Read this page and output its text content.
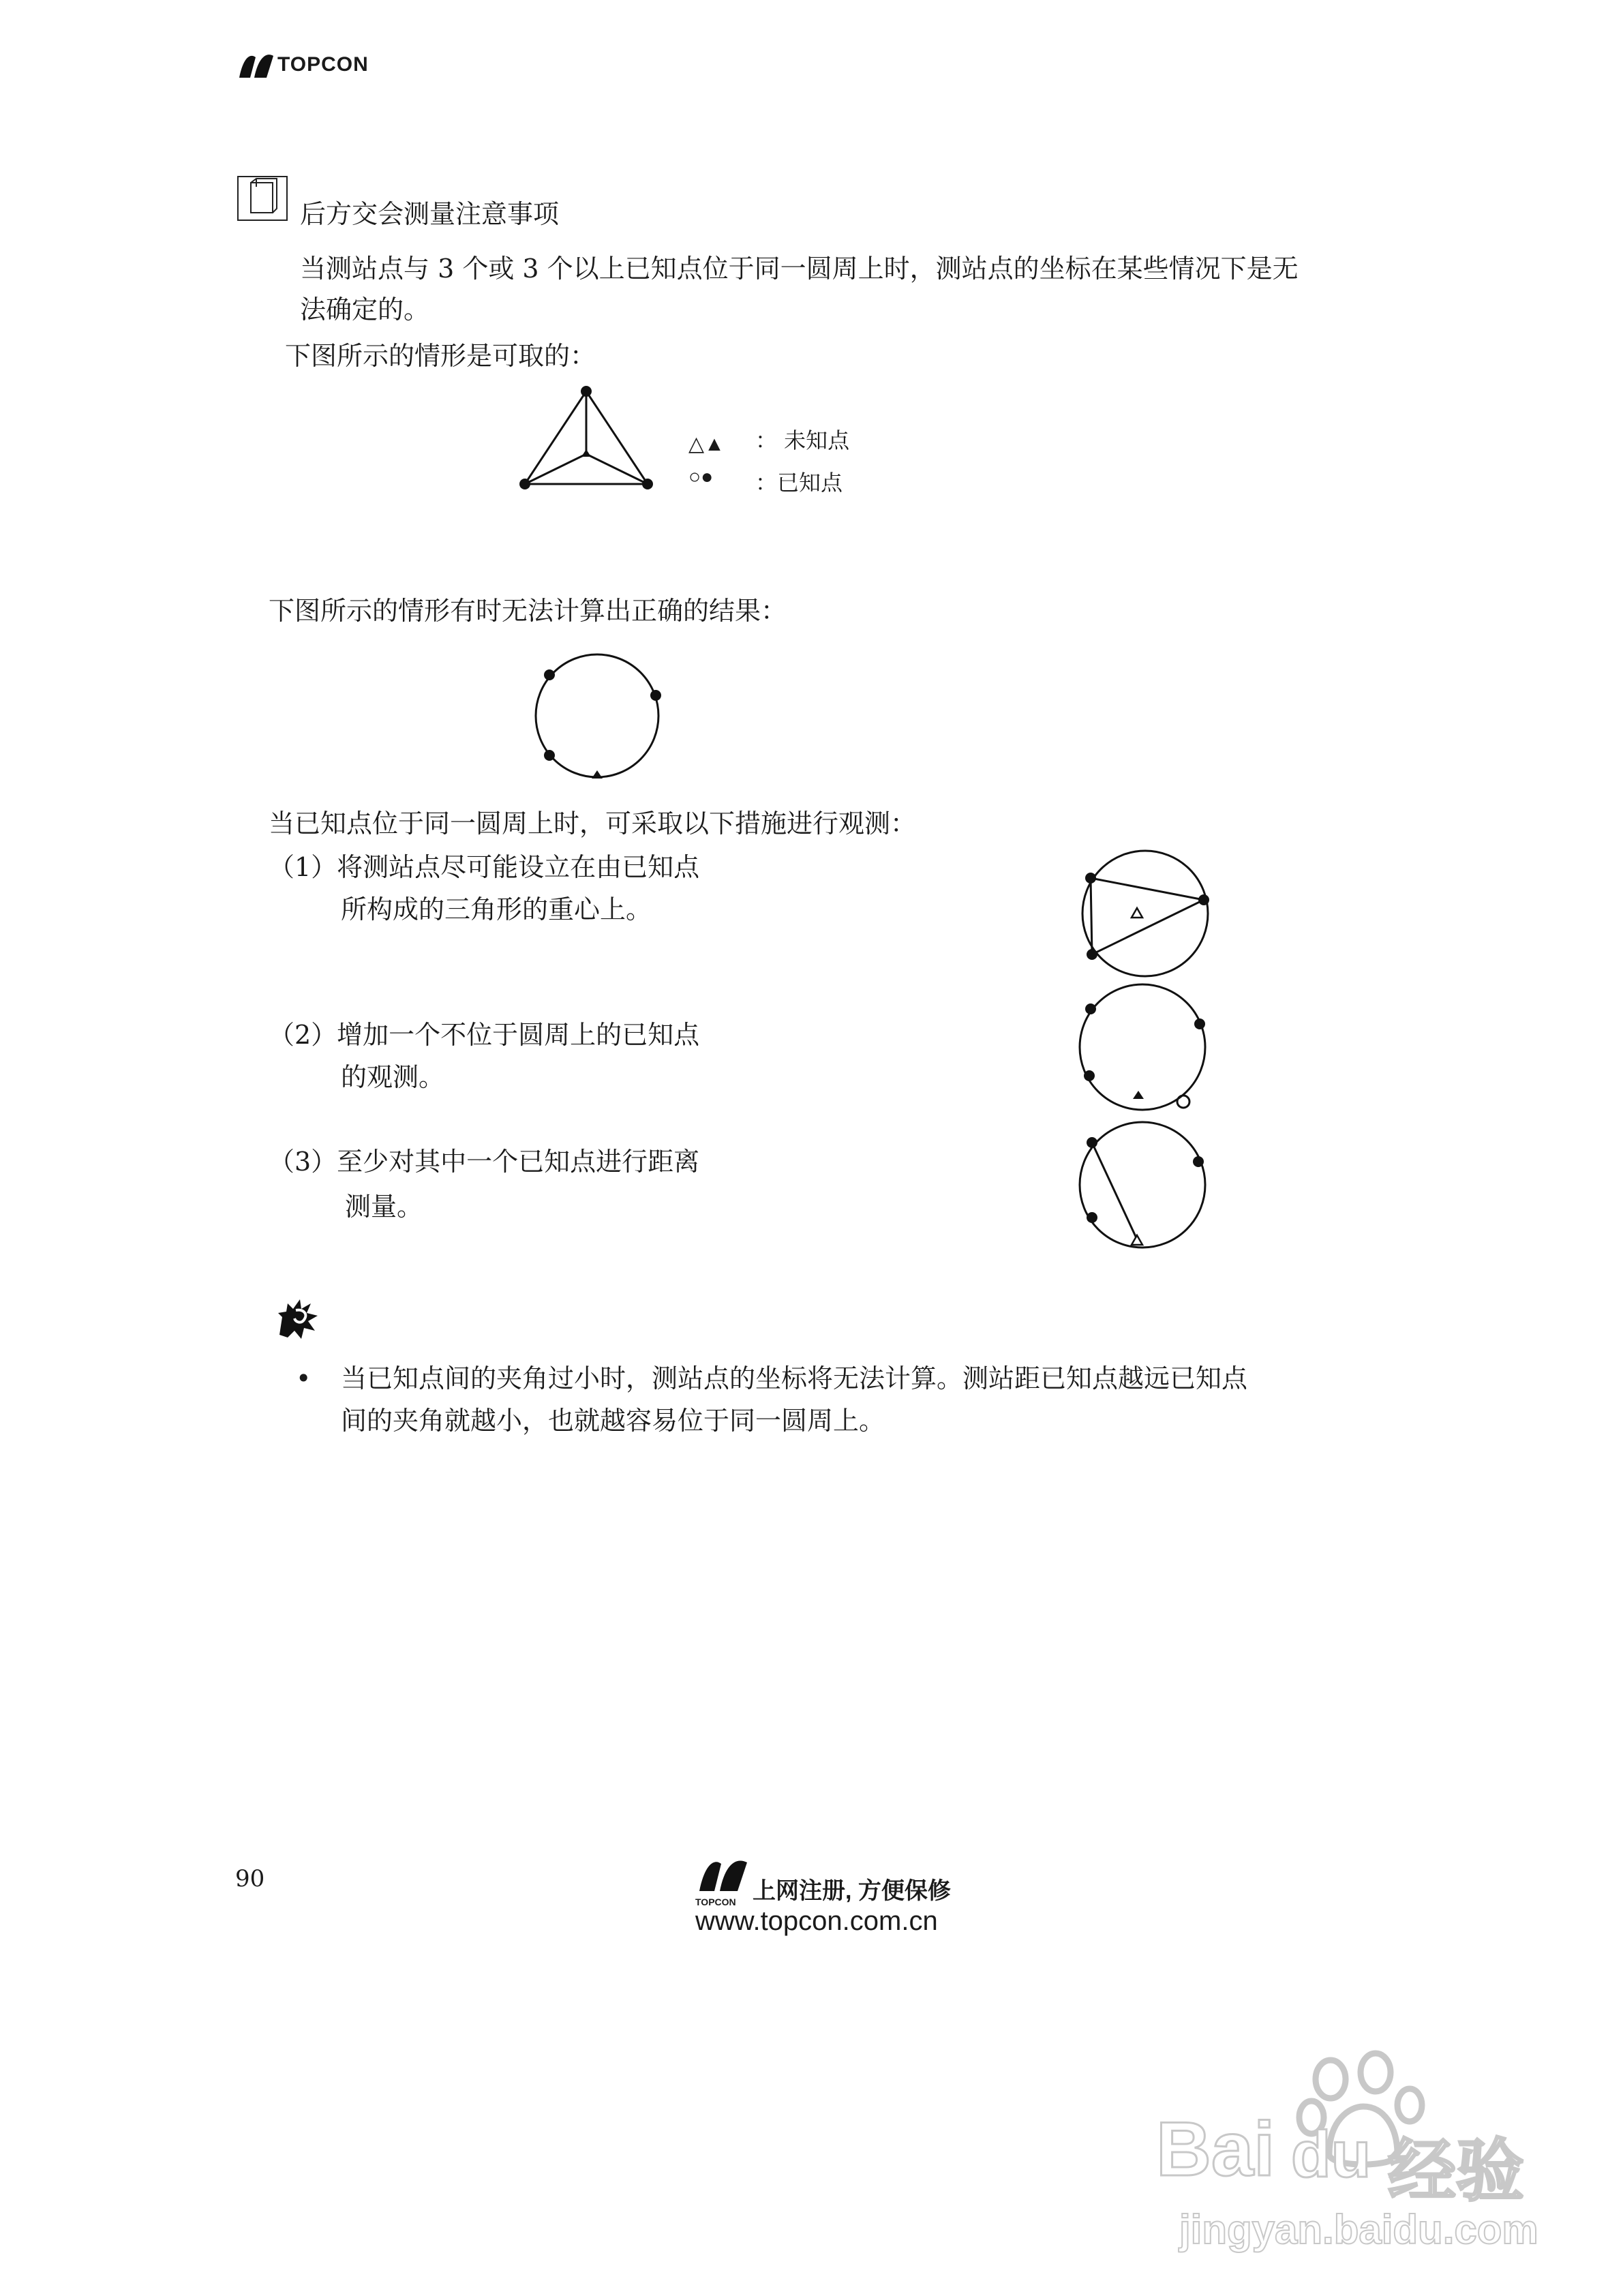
TOPCON
后方交会测量注意事项
当测站点与 3 个或 3 个以上已知点位于同一圆周上时，测站点的坐标在某些情况下是无
法确定的。
下图所示的情形是可取的：
△▲ ： 未知点
○● ：已知点
下图所示的情形有时无法计算出正确的结果：
当已知点位于同一圆周上时，可采取以下措施进行观测：
（1）将测站点尽可能设立在由已知点
所构成的三角形的重心上。
（2）增加一个不位于圆周上的已知点
的观测。
（3）至少对其中一个已知点进行距离
测量。
• 当已知点间的夹角过小时，测站点的坐标将无法计算。测站距已知点越远已知点
间的夹角就越小，也就越容易位于同一圆周上。
90
TOPCON 上网注册, 方便保修
www.topcon.com.cn
Bai du 经验
jingyan.baidu.com
